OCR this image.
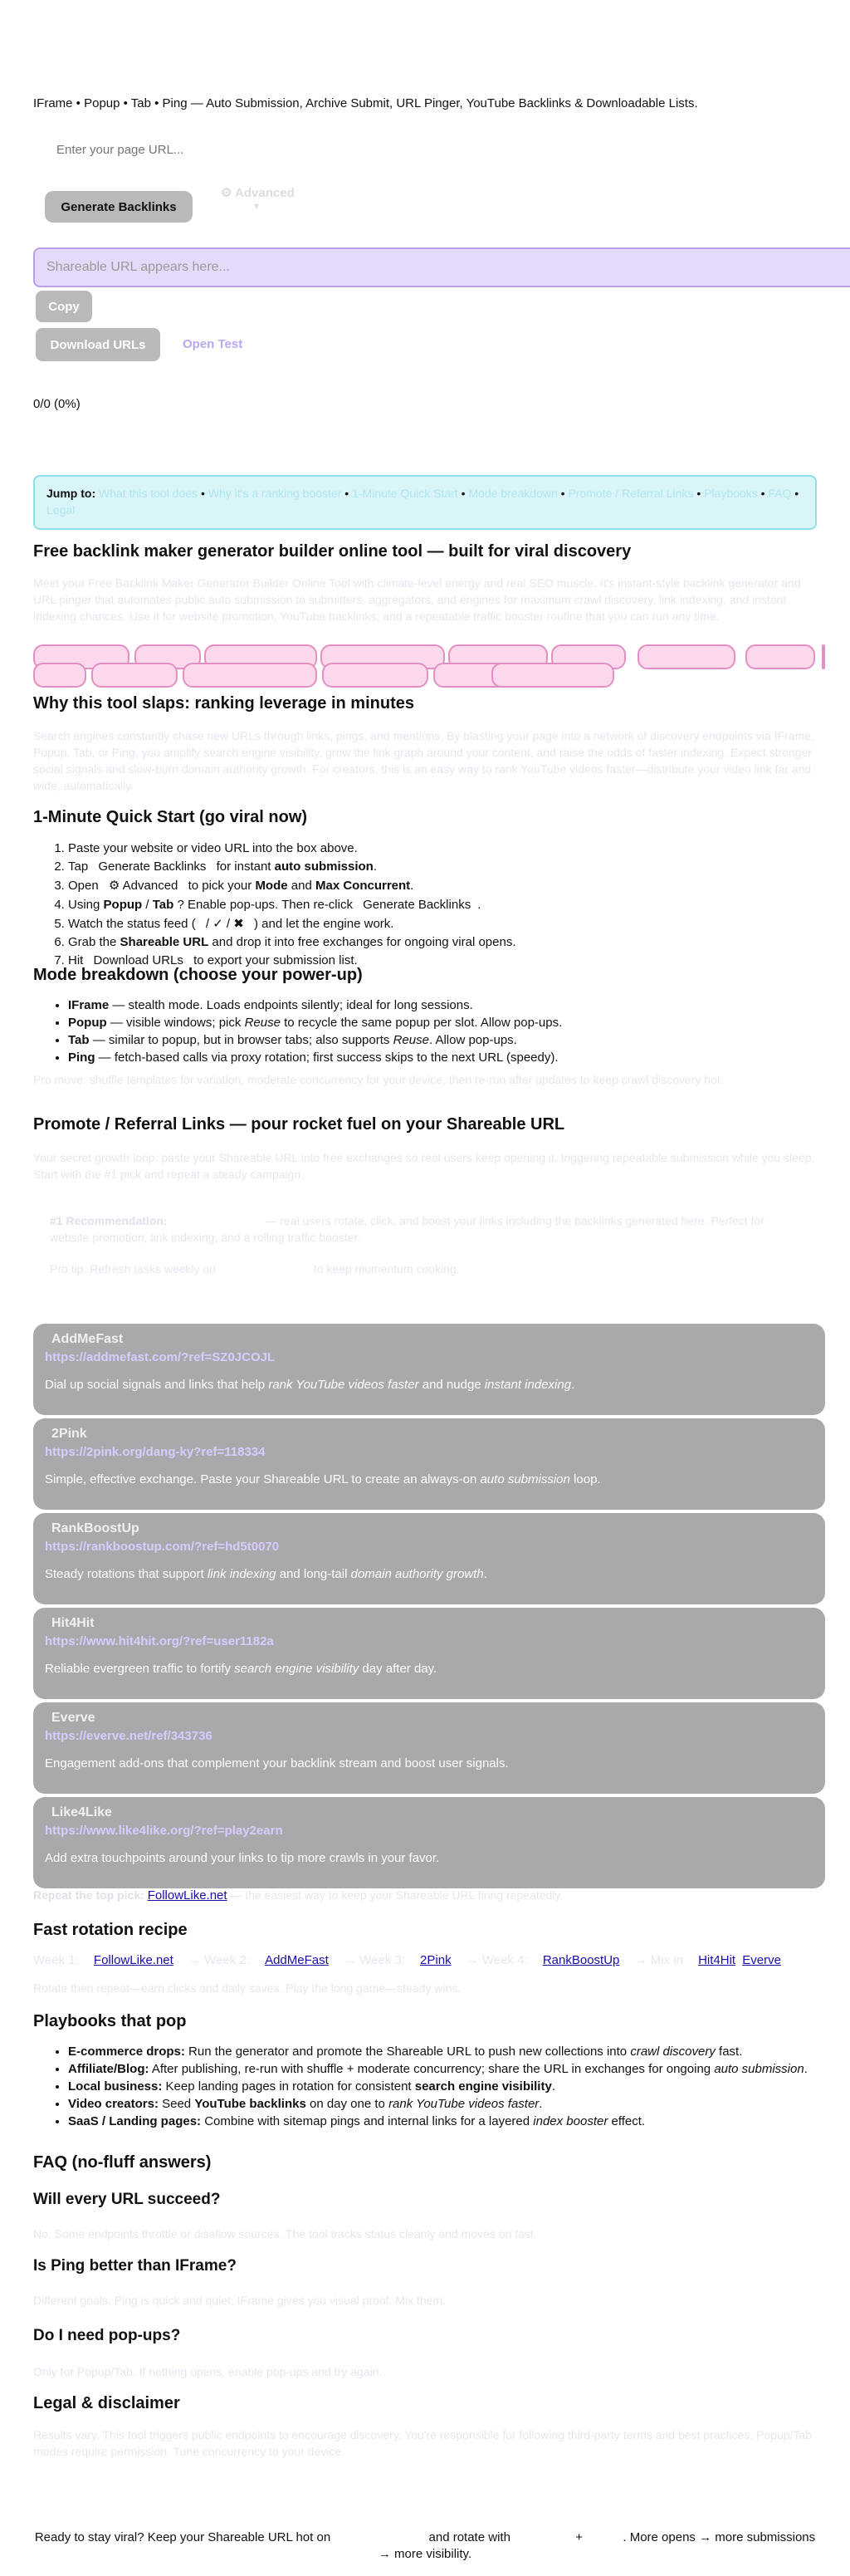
IFrame • Popup • Tab • Ping — Auto Submission, Archive Submit, URL Pinger, YouTube Backlinks & Downloadable Lists.
Enter your page URL...
Generate Backlinks
⚙ Advanced
▾
Shareable URL appears here...
Copy
Download URLs	Open Test
0/0 (0%)
Jump to: What this tool does • Why it's a ranking booster • 1-Minute Quick Start • Mode breakdown • Promote / Referral Links • Playbooks • FAQ • Legal
Free backlink maker generator builder online tool — built for viral discovery
Meet your Free Backlink Maker Generator Builder Online Tool with climate-level energy and real SEO muscle. It's instant-style backlink generator and URL pinger that automates public auto submission to submitters, aggregators, and engines for maximum crawl discovery, link indexing, and instant indexing chances. Use it for website promotion, YouTube backlinks, and a repeatable traffic booster routine that you can run any time.
Why this tool slaps: ranking leverage in minutes
Search engines constantly chase new URLs through links, pings, and mentions. By blasting your page into a network of discovery endpoints via IFrame, Popup, Tab, or Ping, you amplify search engine visibility, grow the link graph around your content, and raise the odds of faster indexing. Expect stronger social signals and slow-burn domain authority growth. For creators, this is an easy way to rank YouTube videos faster—distribute your video link far and wide, automatically.
1-Minute Quick Start (go viral now)
1. Paste your website or video URL into the box above.
2. Tap Generate Backlinks for instant auto submission.
3. Open ⚙ Advanced to pick your Mode and Max Concurrent.
4. Using Popup / Tab ? Enable pop-ups. Then re-click Generate Backlinks .
5. Watch the status feed ( / ✓ / ✖ ) and let the engine work.
6. Grab the Shareable URL and drop it into free exchanges for ongoing viral opens.
7. Hit Download URLs to export your submission list.
Mode breakdown (choose your power-up)
• IFrame — stealth mode. Loads endpoints silently; ideal for long sessions.
• Popup — visible windows; pick Reuse to recycle the same popup per slot. Allow pop-ups.
• Tab — similar to popup, but in browser tabs; also supports Reuse. Allow pop-ups.
• Ping — fetch-based calls via proxy rotation; first success skips to the next URL (speedy).
Pro move: shuffle templates for variation, moderate concurrency for your device, then re-run after updates to keep crawl discovery hot.
Promote / Referral Links — pour rocket fuel on your Shareable URL
Your secret growth loop: paste your Shareable URL into free exchanges so real users keep opening it, triggering repeatable submission while you sleep. Start with the #1 pick and repeat a steady campaign.
#1 Recommendation:	— real users rotate, click, and boost your links including the backlinks generated here. Perfect for website promotion, link indexing, and a rolling traffic booster.
Pro tip: Refresh tasks weekly on	to keep momentum cooking.
AddMeFast
https://addmefast.com/?ref=SZ0JCOJL
Dial up social signals and links that help rank YouTube videos faster and nudge instant indexing.
2Pink
https://2pink.org/dang-ky?ref=118334
Simple, effective exchange. Paste your Shareable URL to create an always-on auto submission loop.
RankBoostUp
https://rankboostup.com/?ref=hd5t0070
Steady rotations that support link indexing and long-tail domain authority growth.
Hit4Hit
https://www.hit4hit.org/?ref=user1182a
Reliable evergreen traffic to fortify search engine visibility day after day.
Everve
https://everve.net/ref/343736
Engagement add-ons that complement your backlink stream and boost user signals.
Like4Like
https://www.like4like.org/?ref=play2earn
Add extra touchpoints around your links to tip more crawls in your favor.
Repeat the top pick: FollowLike.net — the easiest way to keep your Shareable URL firing repeatedly.
Fast rotation recipe
Week 1: FollowLike.net → Week 2: AddMeFast → Week 3: 2Pink → Week 4: RankBoostUp → Mix in Hit4Hit Everve
Rotate then repeat—earn clicks and daily saves. Play the long game—steady wins.
Playbooks that pop
• E-commerce drops: Run the generator and promote the Shareable URL to push new collections into crawl discovery fast.
• Affiliate/Blog: After publishing, re-run with shuffle + moderate concurrency; share the URL in exchanges for ongoing auto submission.
• Local business: Keep landing pages in rotation for consistent search engine visibility.
• Video creators: Seed YouTube backlinks on day one to rank YouTube videos faster.
• SaaS / Landing pages: Combine with sitemap pings and internal links for a layered index booster effect.
FAQ (no-fluff answers)
Will every URL succeed?
No. Some endpoints throttle or disallow sources. The tool tracks status cleanly and moves on fast.
Is Ping better than IFrame?
Different goals. Ping is quick and quiet; IFrame gives you visual proof. Mix them.
Do I need pop-ups?
Only for Popup/Tab. If nothing opens, enable pop-ups and try again.
Legal & disclaimer
Results vary. This tool triggers public endpoints to encourage discovery. You're responsible for following third-party terms and best practices. Popup/Tab modes require permission. Tune concurrency to your device.
Ready to stay viral? Keep your Shareable URL hot on	and rotate with	+	. More opens → more submissions → more visibility.
